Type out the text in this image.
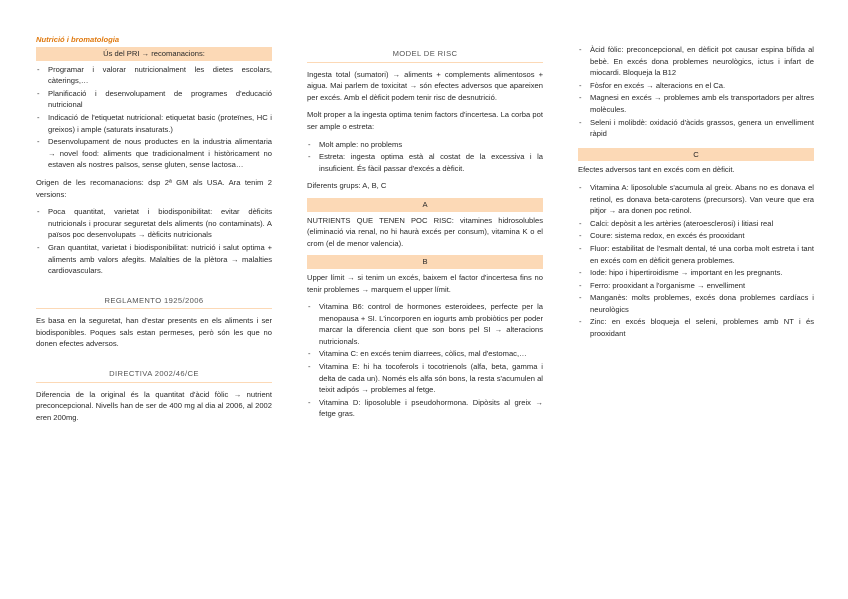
Nutrició i bromatologia
Ús del PRI → recomanacions:
- Programar i valorar nutricionalment les dietes escolars, càterings,…
- Planificació i desenvolupament de programes d'educació nutricional
- Indicació de l'etiquetat nutricional: etiquetat basic (proteïnes, HC i greixos) i ample (saturats insaturats.)
- Desenvolupament de nous productes en la industria alimentaria → novel food: aliments que tradicionalment i històricament no estaven als nostres països, sense gluten, sense lactosa…

Origen de les recomanacions: dsp 2ª GM als USA. Ara tenim 2 versions:

- Poca quantitat, varietat i biodisponibilitat: evitar dèficits nutricionals i procurar seguretat dels aliments (no contaminats). A països poc desenvolupats → dèficits nutricionals
- Gran quantitat, varietat i biodisponibilitat: nutrició i salut optima + aliments amb valors afegits. Malalties de la plètora → malalties cardiovasculars.
REGLAMENTO 1925/2006

Es basa en la seguretat, han d'estar presents en els aliments i ser biodisponibles. Poques sals estan permeses, però són les que no donen efectes adversos.

DIRECTIVA 2002/46/CE

Diferencia de la original és la quantitat d'àcid fòlic → nutrient preconcepcional. Nivells han de ser de 400 mg al dia al 2006, al 2002 eren 200mg.

MODEL DE RISC

Ingesta total (sumatori) → aliments + complements alimentosos + aigua. Mai parlem de toxicitat → són efectes adversos que apareixen per excés. Amb el dèficit podem tenir risc de desnutrició.

Molt proper a la ingesta optima tenim factors d'incertesa. La corba pot ser ample o estreta:

- Molt ample: no problems
- Estreta: ingesta optima està al costat de la excessiva i la insuficient. És fàcil passar d'excés a dèficit.

Diferents grups: A, B, C

A

NUTRIENTS QUE TENEN POC RISC: vitamines hidrosolubles (eliminació via renal, no hi haurà excés per consum), vitamina K o el crom (el de menor valencia).

B

Upper límit → si tenim un excés, baixem el factor d'incertesa fins no tenir problemes → marquem el upper límit.

- Vitamina B6: control de hormones esteroidees, perfecte per la menopausa + SI. L'incorporen en iogurts amb probiòtics per poder marcar la diferencia client que son bons pel SI → alteracions nutricionals.
- Vitamina C: en excés tenim diarrees, còlics, mal d'estomac,…
- Vitamina E: hi ha tocoferols i tocotrienols (alfa, beta, gamma i delta de cada un). Només els alfa són bons, la resta s'acumulen al teixit adipós → problemes al fetge.
- Vitamina D: liposoluble i pseudohormona. Dipòsits al greix → fetge gras.
- Àcid fòlic: preconcepcional, en dèficit pot causar espina bífida al bebè. En excés dona problemes neurològics, ictus i infart de miocardi. Bloqueja la B12
- Fòsfor en excés → alteracions en el Ca.
- Magnesi en excés → problemes amb els transportadors per altres molècules.
- Seleni i molibdè: oxidació d'àcids grassos, genera un envelliment ràpid
C

Efectes adversos tant en excés com en dèficit.

- Vitamina A: liposoluble s'acumula al greix. Abans no es donava el retinol, es donava beta-carotens (precursors). Van veure que era pitjor → ara donen poc retinol.
- Calci: depòsit a les artèries (ateroesclerosi) i litiasi real
- Coure: sistema redox, en excés és prooxidant
- Fluor: estabilitat de l'esmalt dental, té una corba molt estreta i tant en excés com en dèficit genera problemes.
- Iode: hipo i hipertiroidisme → important en les pregnants.
- Ferro: prooxidant a l'organisme → envelliment
- Manganès: molts problemes, excés dona problemes cardíacs i neurològics
- Zinc: en excés bloqueja el seleni, problemes amb NT i és prooxidant
